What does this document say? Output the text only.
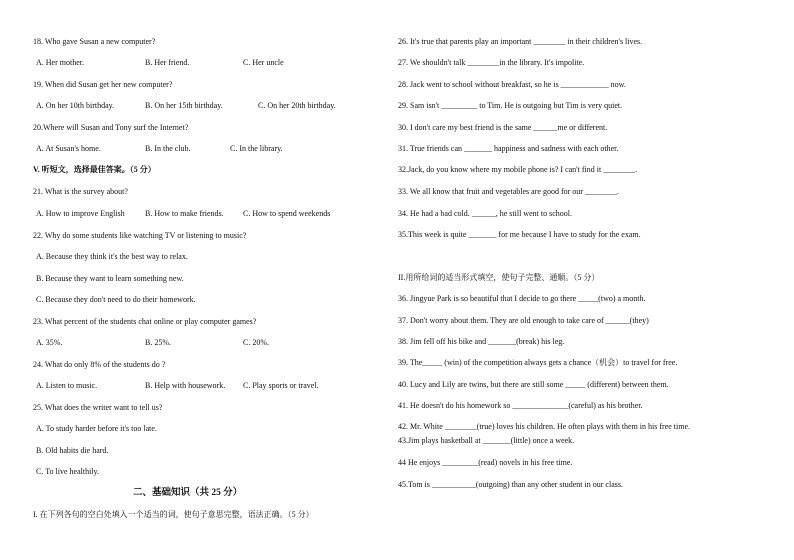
18. Who gave Susan a new computer?
A. Her mother.	B. Her friend.	C. Her uncle
19. When did Susan get her new computer?
A. On her 10th birthday.	B. On her 15th birthday.	C. On her 20th birthday.
20.Where will Susan and Tony surf the Internet?
A. At Susan's home.	B. In the club.	C. In the library.
V. 听短文，选择最佳答案。（5 分）
21. What is the survey about?
A. How to improve English	B. How to make friends. C. How to spend weekends
22. Why do some students like watching TV or listening to music?
A. Because they think it's the best way to relax.
B. Because they want to learn something new.
C. Because they don't need to do their homework.
23. What percent of the students chat online or play computer games?
A. 35%.	B. 25%.	C. 20%.
24. What do only 8% of the students do ?
A. Listen to music.	B. Help with housework. C. Play sports or travel.
25. What does the writer want to tell us?
A. To study harder before it's too late.
B. Old habits die hard.
C. To live healthily.
二、基础知识（共 25 分）
I. 在下列各句的空白处填入一个适当的词，使句子意思完整，语法正确。（5 分）
26. It's true that parents play an important ________ in their children's lives.
27. We shouldn't talk ________in the library. It's impolite.
28. Jack went to school without breakfast, so he is ____________ now.
29. Sam isn't _________ to Tim. He is outgoing but Tim is very quiet.
30. I don't care my best friend is the same ______me or different.
31. True friends can _______ happiness and sadness with each other.
32.Jack, do you know where my mobile phone is? I can't find it ________.
33. We all know that fruit and vegetables are good for our ________.
34. He had a bad cold. ______, he still went to school.
35.This week is quite _______ for me because I have to study for the exam.
II.用所给词的适当形式填空，使句子完整、通顺。（5 分）
36. Jingyue Park is so beautiful that I decide to go there _____(two) a month.
37. Don't worry about them. They are old enough to take care of ______(they)
38. Jim fell off his bike and _______(break) his leg.
39. The_____ (win) of the competition always gets a chance（机会）to travel for free.
40. Lucy and Lily are twins, but there are still some _____ (different) between them.
41. He doesn't do his homework so ______________(careful) as his brother.
42. Mr. White ________(true) loves his children. He often plays with them in his free time.
43.Jim plays basketball at _______(little) once a week.
44 He enjoys _________(read) novels in his free time.
45.Tom is ___________(outgoing) than any other student in our class.
